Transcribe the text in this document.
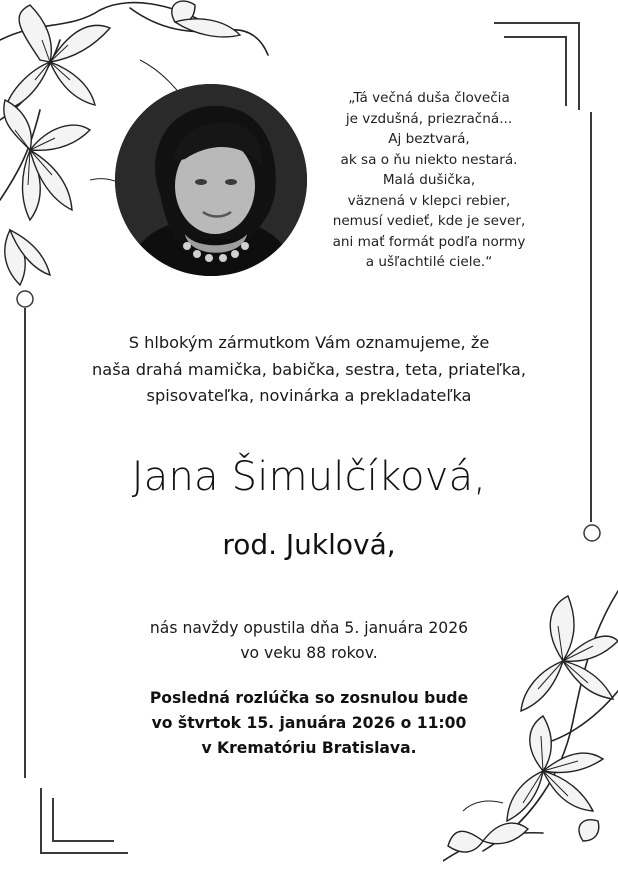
„Tá večná duša človečia
je vzdušná, priezračná...
Aj beztvará,
ak sa o ňu niekto nestará.
Malá dušička,
väznená v klepci rebier,
nemusí vedieť, kde je sever,
ani mať formát podľa normy
a ušľachtilé ciele.“
S hlbokým zármutkom Vám oznamujeme, že
naša drahá mamička, babička, sestra, teta, priateľka,
spisovateľka, novinárka a prekladateľka
Jana Šimulčíková,
rod. Juklová,
nás navždy opustila dňa 5. januára 2026
vo veku 88 rokov.
Posledná rozlúčka so zosnulou bude
vo štvrtok 15. januára 2026 o 11:00
v Krematóriu Bratislava.
